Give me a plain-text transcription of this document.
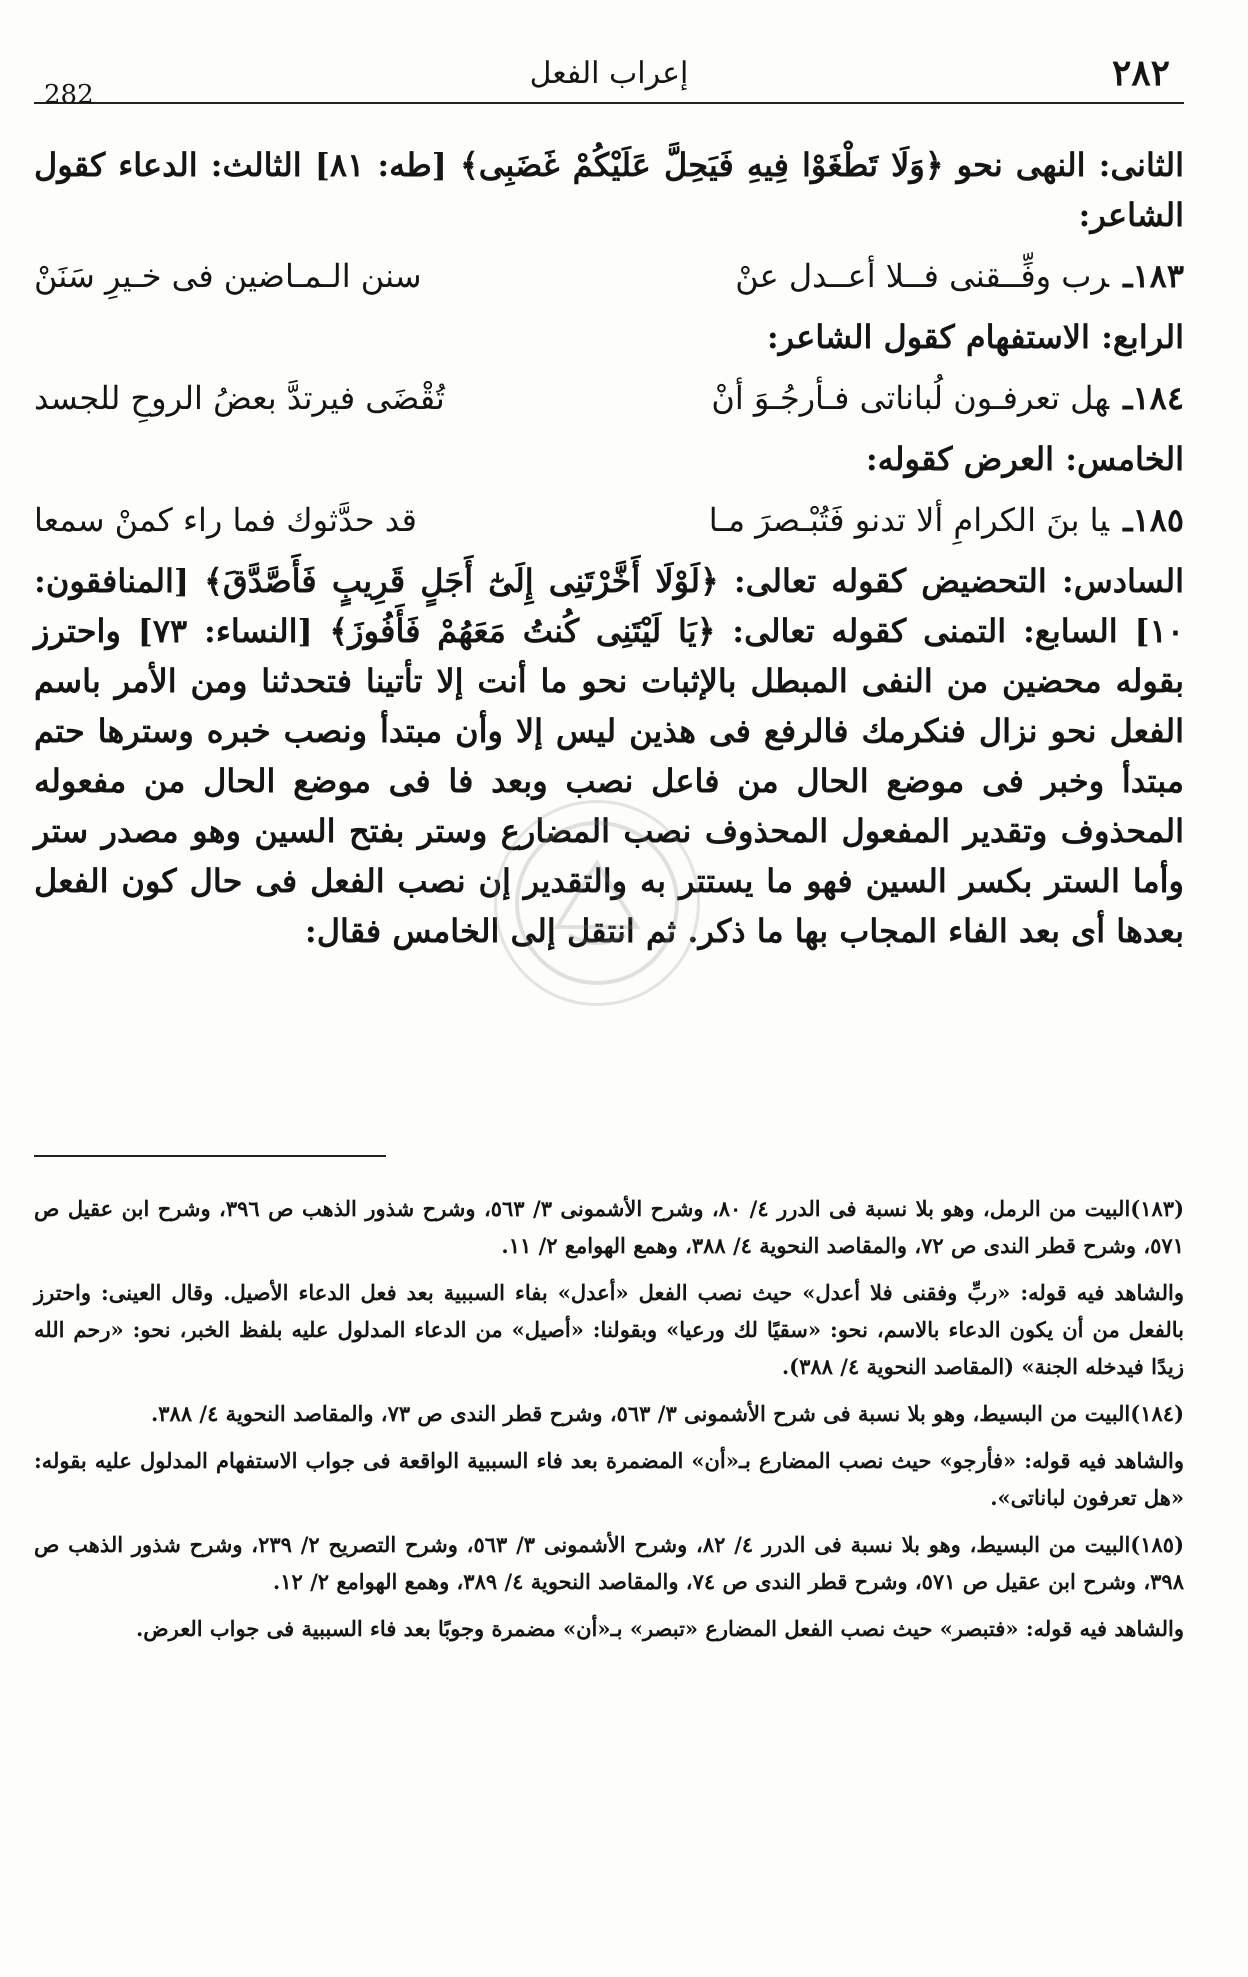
٢٨٢
إعراب الفعل
282

الثانى: النهى نحو ﴿وَلَا تَطْغَوْا فِيهِ فَيَحِلَّ عَلَيْكُمْ غَضَبِى﴾ [طه: ٨١] الثالث: الدعاء كقول الشاعر:

١٨٣ـرب وفِّــقنى فــلا أعــدل عنْ
سنن الـمـاضين فى خـيرِ سَنَنْ

الرابع: الاستفهام كقول الشاعر:

١٨٤ـهل تعرفـون لُباناتى فـأرجُـوَ أنْ
تُقْضَى فيرتدَّ بعضُ الروحِ للجسد

الخامس: العرض كقوله:

١٨٥ـيا بنَ الكرامِ ألا تدنو فَتُبْـصرَ مـا
قد حدَّثوك فما راء كمنْ سمعا

السادس: التحضيض كقوله تعالى: ﴿لَوْلَا أَخَّرْتَنِى إِلَىٰٓ أَجَلٍ قَرِيبٍ فَأَصَّدَّقَ﴾ [المنافقون: ١٠] السابع: التمنى كقوله تعالى: ﴿يَا لَيْتَنِى كُنتُ مَعَهُمْ فَأَفُوزَ﴾ [النساء: ٧٣] واحترز بقوله محضين من النفى المبطل بالإثبات نحو ما أنت إلا تأتينا فتحدثنا ومن الأمر باسم الفعل نحو نزال فنكرمك فالرفع فى هذين ليس إلا وأن مبتدأ ونصب خبره وسترها حتم مبتدأ وخبر فى موضع الحال من فاعل نصب وبعد فا فى موضع الحال من مفعوله المحذوف وتقدير المفعول المحذوف نصب المضارع وستر بفتح السين وهو مصدر ستر وأما الستر بكسر السين فهو ما يستتر به والتقدير إن نصب الفعل فى حال كون الفعل بعدها أى بعد الفاء المجاب بها ما ذكر. ثم انتقل إلى الخامس فقال:

(١٨٣)البيت من الرمل، وهو بلا نسبة فى الدرر ٤/ ٨٠، وشرح الأشمونى ٣/ ٥٦٣، وشرح شذور الذهب ص ٣٩٦، وشرح ابن عقيل ص ٥٧١، وشرح قطر الندى ص ٧٢، والمقاصد النحوية ٤/ ٣٨٨، وهمع الهوامع ٢/ ١١.

والشاهد فيه قوله: «ربِّ وفقنى فلا أعدل» حيث نصب الفعل «أعدل» بفاء السببية بعد فعل الدعاء الأصيل. وقال العينى: واحترز بالفعل من أن يكون الدعاء بالاسم، نحو: «سقيًا لك ورعيا» وبقولنا: «أصيل» من الدعاء المدلول عليه بلفظ الخبر، نحو: «رحم الله زيدًا فيدخله الجنة» (المقاصد النحوية ٤/ ٣٨٨).

(١٨٤)البيت من البسيط، وهو بلا نسبة فى شرح الأشمونى ٣/ ٥٦٣، وشرح قطر الندى ص ٧٣، والمقاصد النحوية ٤/ ٣٨٨.

والشاهد فيه قوله: «فأرجو» حيث نصب المضارع بـ«أن» المضمرة بعد فاء السببية الواقعة فى جواب الاستفهام المدلول عليه بقوله: «هل تعرفون لباناتى».

(١٨٥)البيت من البسيط، وهو بلا نسبة فى الدرر ٤/ ٨٢، وشرح الأشمونى ٣/ ٥٦٣، وشرح التصريح ٢/ ٢٣٩، وشرح شذور الذهب ص ٣٩٨، وشرح ابن عقيل ص ٥٧١، وشرح قطر الندى ص ٧٤، والمقاصد النحوية ٤/ ٣٨٩، وهمع الهوامع ٢/ ١٢.

والشاهد فيه قوله: «فتبصر» حيث نصب الفعل المضارع «تبصر» بـ«أن» مضمرة وجوبًا بعد فاء السببية فى جواب العرض.
